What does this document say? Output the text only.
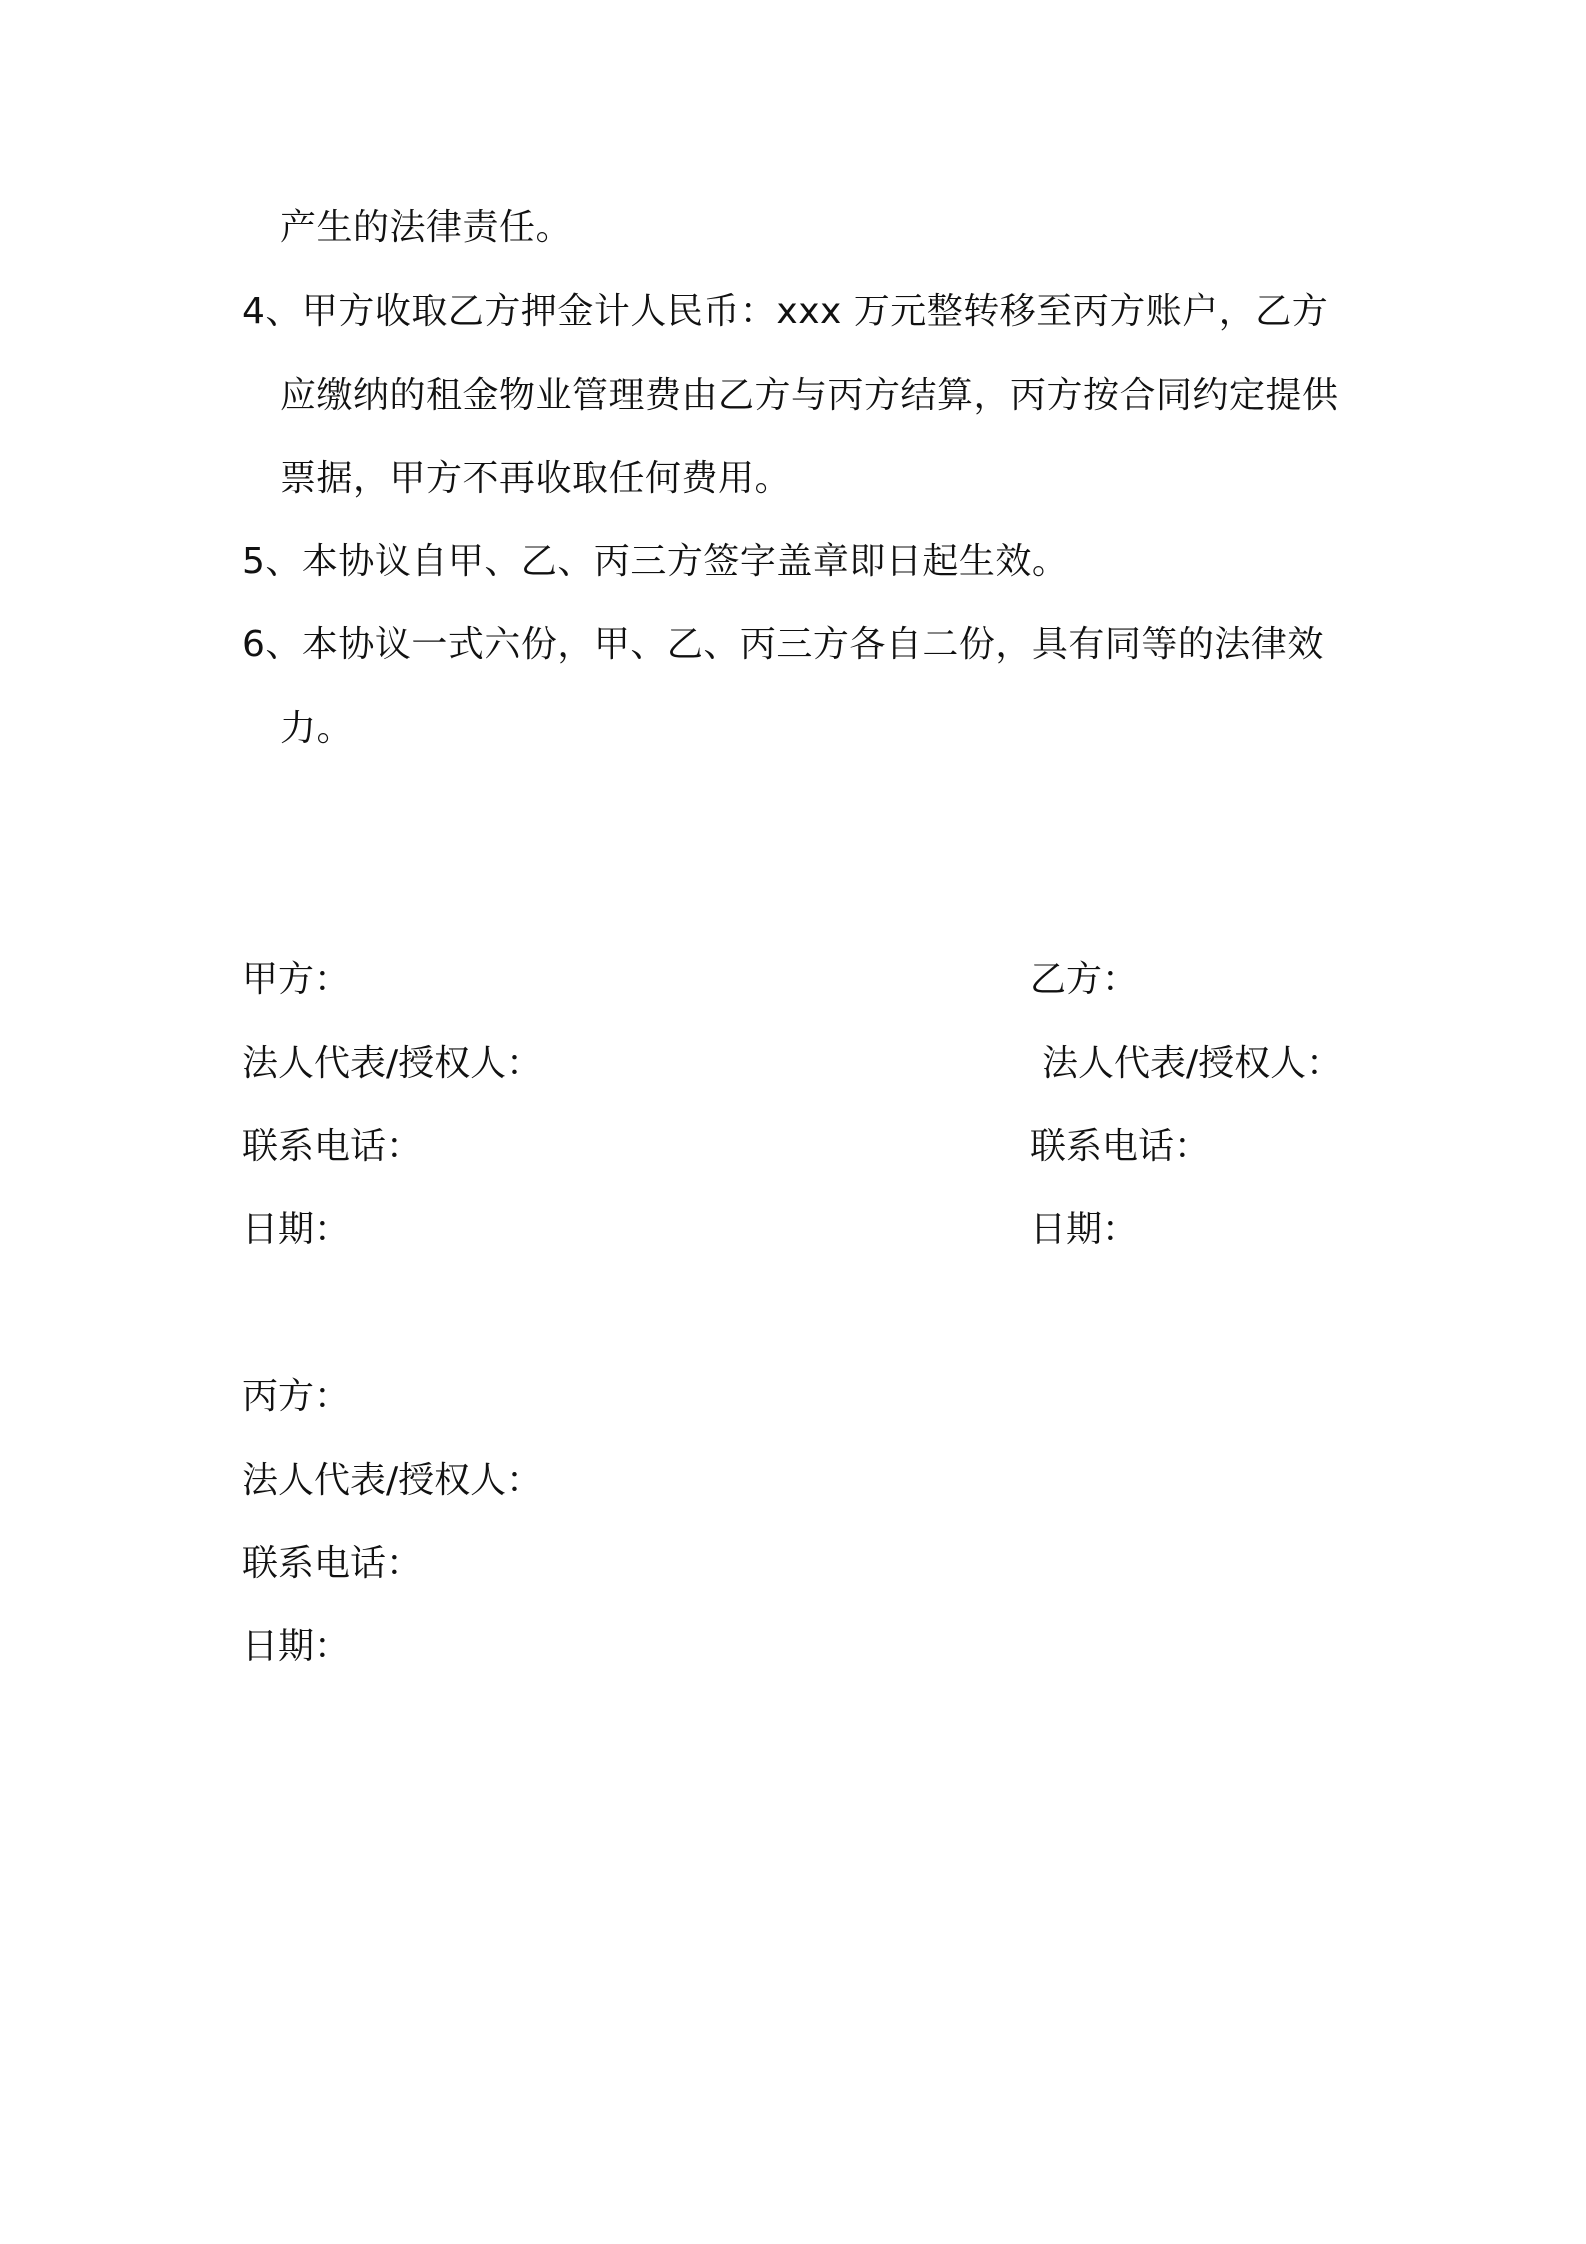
产生的法律责任。
4、甲方收取乙方押金计人民币：xxx 万元整转移至丙方账户，乙方
应缴纳的租金物业管理费由乙方与丙方结算，丙方按合同约定提供
票据，甲方不再收取任何费用。
5、本协议自甲、乙、丙三方签字盖章即日起生效。
6、本协议一式六份，甲、乙、丙三方各自二份，具有同等的法律效
力。
甲方：
法人代表/授权人：
联系电话：
日期：
乙方：
法人代表/授权人：
联系电话：
日期：
丙方：
法人代表/授权人：
联系电话：
日期：
